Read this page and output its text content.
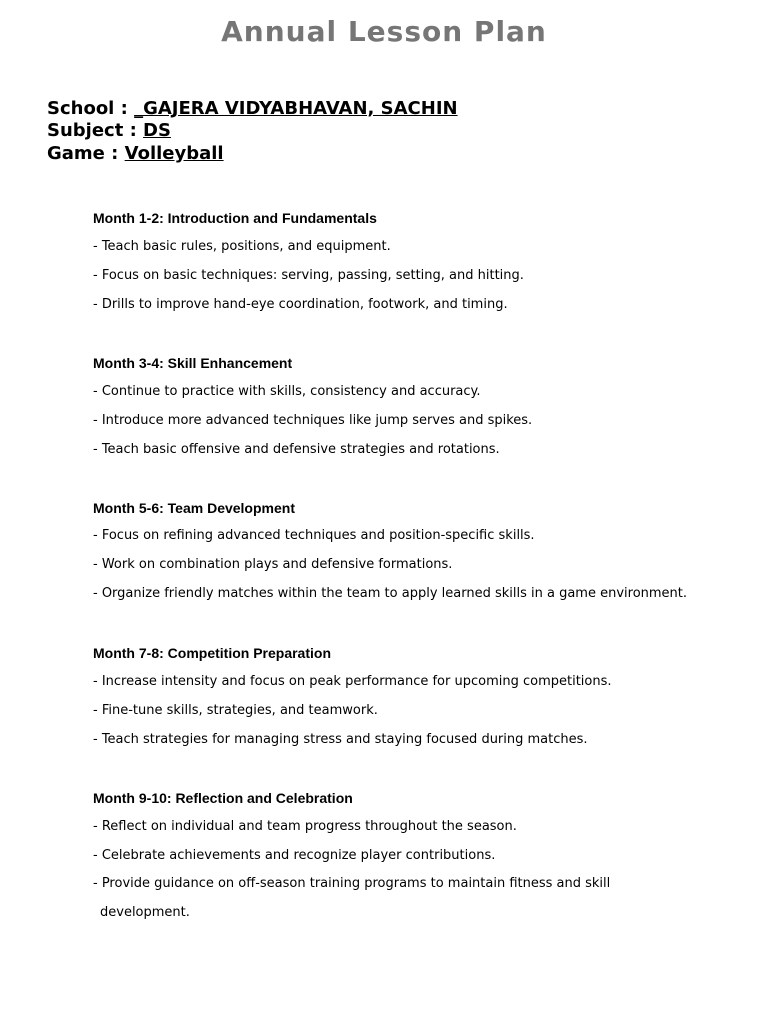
Annual Lesson Plan
School : _GAJERA VIDYABHAVAN, SACHIN
Subject : DS
Game : Volleyball
Month 1-2: Introduction and Fundamentals
- Teach basic rules, positions, and equipment.
- Focus on basic techniques: serving, passing, setting, and hitting.
- Drills to improve hand-eye coordination, footwork, and timing.
Month 3-4: Skill Enhancement
- Continue to practice with skills, consistency and accuracy.
- Introduce more advanced techniques like jump serves and spikes.
- Teach basic offensive and defensive strategies and rotations.
Month 5-6: Team Development
- Focus on refining advanced techniques and position-specific skills.
- Work on combination plays and defensive formations.
- Organize friendly matches within the team to apply learned skills in a game environment.
Month 7-8: Competition Preparation
- Increase intensity and focus on peak performance for upcoming competitions.
- Fine-tune skills, strategies, and teamwork.
- Teach strategies for managing stress and staying focused during matches.
Month 9-10: Reflection and Celebration
- Reflect on individual and team progress throughout the season.
- Celebrate achievements and recognize player contributions.
- Provide guidance on off-season training programs to maintain fitness and skill
development.
